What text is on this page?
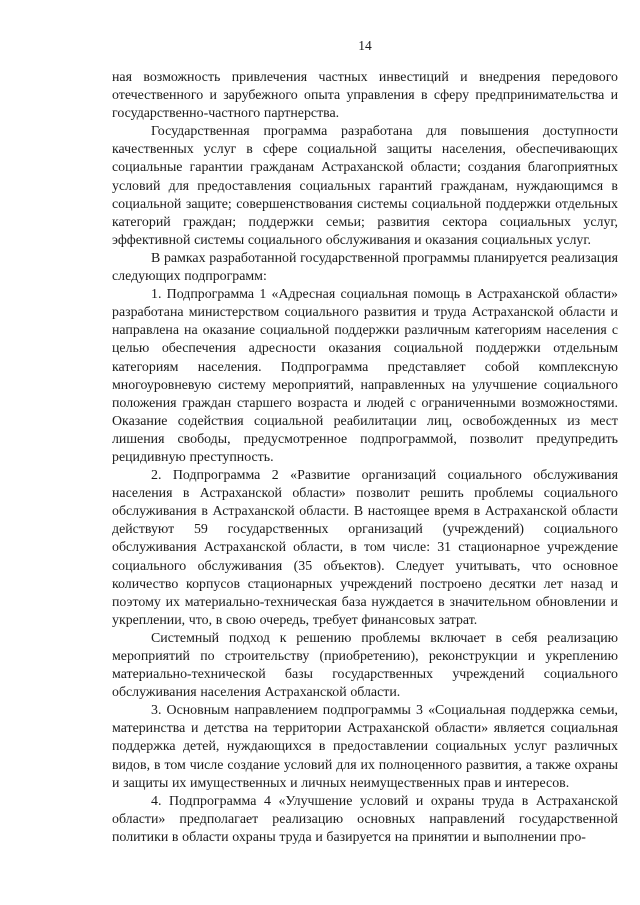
14

ная возможность привлечения частных инвестиций и внедрения передового отечественного и зарубежного опыта управления в сферу предпринимательства и государственно-частного партнерства.

Государственная программа разработана для повышения доступности качественных услуг в сфере социальной защиты населения, обеспечивающих социальные гарантии гражданам Астраханской области; создания благоприятных условий для предоставления социальных гарантий гражданам, нуждающимся в социальной защите; совершенствования системы социальной поддержки отдельных категорий граждан; поддержки семьи; развития сектора социальных услуг, эффективной системы социального обслуживания и оказания социальных услуг.

В рамках разработанной государственной программы планируется реализация следующих подпрограмм:

1. Подпрограмма 1 «Адресная социальная помощь в Астраханской области» разработана министерством социального развития и труда Астраханской области и направлена на оказание социальной поддержки различным категориям населения с целью обеспечения адресности оказания социальной поддержки отдельным категориям населения. Подпрограмма представляет собой комплексную многоуровневую систему мероприятий, направленных на улучшение социального положения граждан старшего возраста и людей с ограниченными возможностями. Оказание содействия социальной реабилитации лиц, освобожденных из мест лишения свободы, предусмотренное подпрограммой, позволит предупредить рецидивную преступность.

2. Подпрограмма 2 «Развитие организаций социального обслуживания населения в Астраханской области» позволит решить проблемы социального обслуживания в Астраханской области. В настоящее время в Астраханской области действуют 59 государственных организаций (учреждений) социального обслуживания Астраханской области, в том числе: 31 стационарное учреждение социального обслуживания (35 объектов). Следует учитывать, что основное количество корпусов стационарных учреждений построено десятки лет назад и поэтому их материально-техническая база нуждается в значительном обновлении и укреплении, что, в свою очередь, требует финансовых затрат.

Системный подход к решению проблемы включает в себя реализацию мероприятий по строительству (приобретению), реконструкции и укреплению материально-технической базы государственных учреждений социального обслуживания населения Астраханской области.

3. Основным направлением подпрограммы 3 «Социальная поддержка семьи, материнства и детства на территории Астраханской области» является социальная поддержка детей, нуждающихся в предоставлении социальных услуг различных видов, в том числе создание условий для их полноценного развития, а также охраны и защиты их имущественных и личных неимущественных прав и интересов.

4. Подпрограмма 4 «Улучшение условий и охраны труда в Астраханской области» предполагает реализацию основных направлений государственной политики в области охраны труда и базируется на принятии и выполнении про-
